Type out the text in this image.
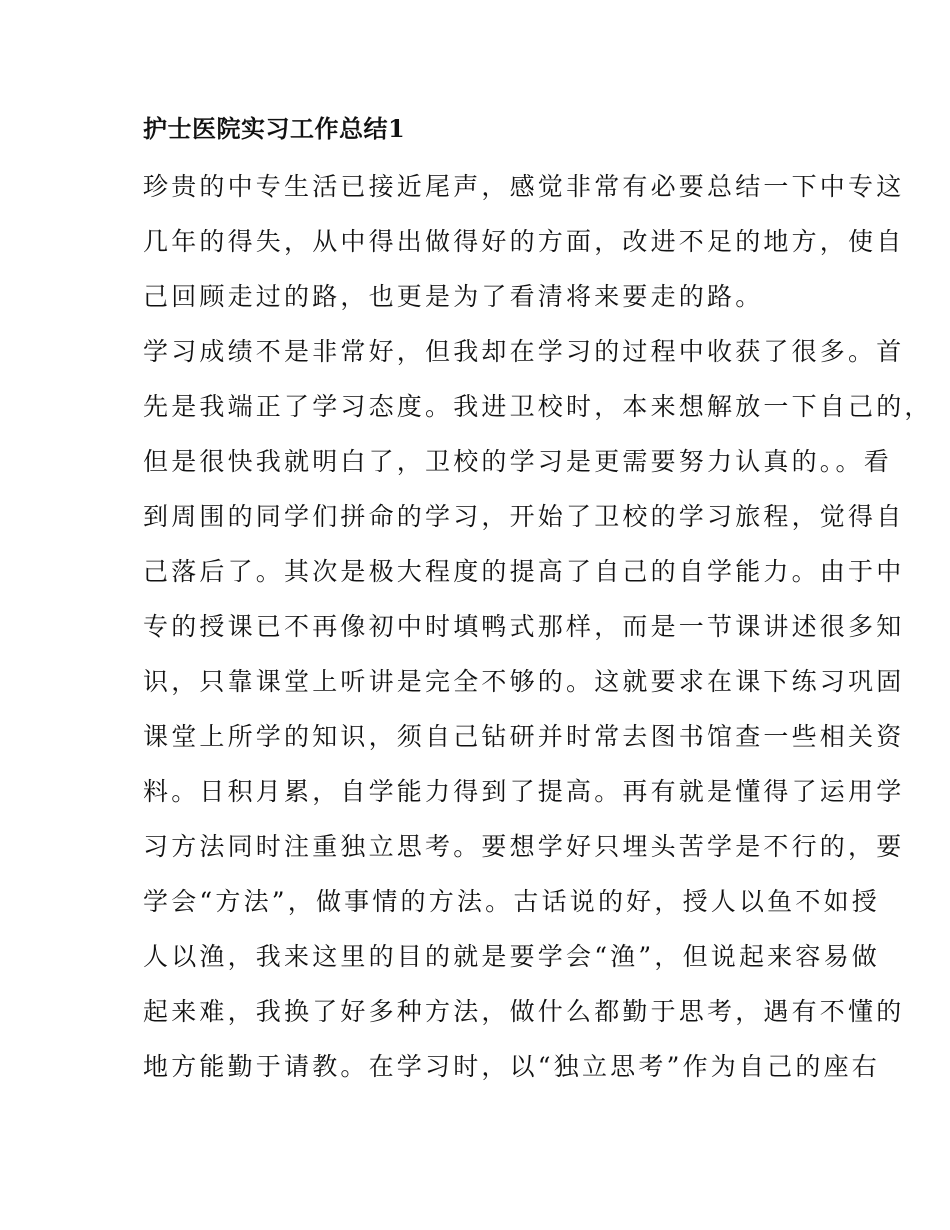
护士医院实习工作总结1

珍贵的中专生活已接近尾声，感觉非常有必要总结一下中专这

几年的得失，从中得出做得好的方面，改进不足的地方，使自

己回顾走过的路，也更是为了看清将来要走的路。

学习成绩不是非常好，但我却在学习的过程中收获了很多。首

先是我端正了学习态度。我进卫校时，本来想解放一下自己的，

但是很快我就明白了，卫校的学习是更需要努力认真的。。看

到周围的同学们拼命的学习，开始了卫校的学习旅程，觉得自

己落后了。其次是极大程度的提高了自己的自学能力。由于中

专的授课已不再像初中时填鸭式那样，而是一节课讲述很多知

识，只靠课堂上听讲是完全不够的。这就要求在课下练习巩固

课堂上所学的知识，须自己钻研并时常去图书馆查一些相关资

料。日积月累，自学能力得到了提高。再有就是懂得了运用学

习方法同时注重独立思考。要想学好只埋头苦学是不行的，要

学会“方法”，做事情的方法。古话说的好，授人以鱼不如授

人以渔，我来这里的目的就是要学会“渔”，但说起来容易做

起来难，我换了好多种方法，做什么都勤于思考，遇有不懂的

地方能勤于请教。在学习时，以“独立思考”作为自己的座右
